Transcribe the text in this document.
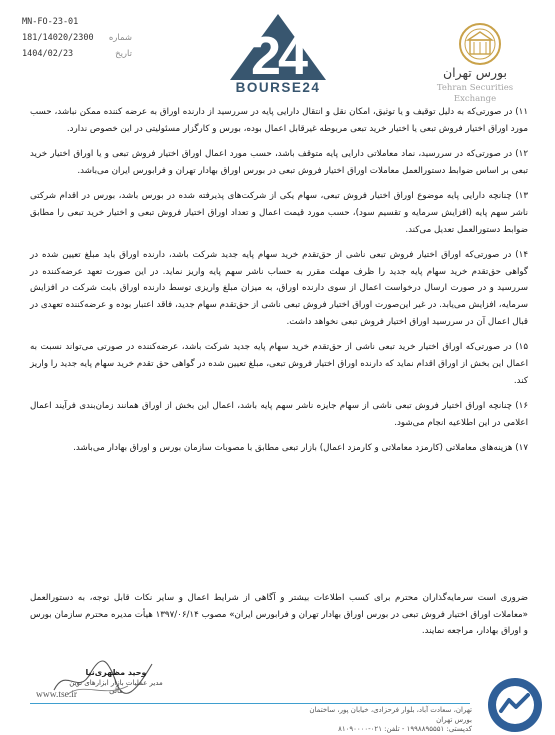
MN-FO-23-01
181/14020/2300 شماره
1404/02/23	تاریخ 24
BOURSE24
بورس تهران
Tehran Securities Exchange

۱۱) در صورتی‌که به دلیل توقیف و یا توثیق، امکان نقل و انتقال دارایی پایه در سررسید از دارنده اوراق به عرضه کننده ممکن نباشد، حسب مورد اوراق اختیار فروش تبعی یا اختیار خرید تبعی مربوطه غیرقابل اعمال بوده، بورس و کارگزار مسئولیتی در این خصوص ندارد.

۱۲) در صورتی‌که در سررسید، نماد معاملاتی دارایی پایه متوقف باشد، حسب مورد اعمال اوراق اختیار فروش تبعی و یا اوراق اختیار خرید تبعی بر اساس ضوابط دستورالعمل معاملات اوراق اختیار فروش تبعی در بورس اوراق بهادار تهران و فرابورس ایران می‌باشد.

۱۳) چنانچه دارایی پایه موضوع اوراق اختیار فروش تبعی، سهام یکی از شرکت‌های پذیرفته شده در بورس باشد، بورس در اقدام شرکتی ناشر سهم پایه (افزایش سرمایه و تقسیم سود)، حسب مورد قیمت اعمال و تعداد اوراق اختیار فروش تبعی و اختیار خرید تبعی را مطابق ضوابط دستورالعمل تعدیل می‌کند.

۱۴) در صورتی‌که اوراق اختیار فروش تبعی ناشی از حق‌تقدم خرید سهام پایه جدید شرکت باشد، دارنده اوراق باید مبلغ تعیین شده در گواهی حق‌تقدم خرید سهام پایه جدید را ظرف مهلت مقرر به حساب ناشر سهم پایه واریز نماید. در این صورت تعهد عرضه‌کننده در سررسید و در صورت ارسال درخواست اعمال از سوی دارنده اوراق، به میزان مبلغ واریزی توسط دارنده اوراق بابت شرکت در افزایش سرمایه، افزایش می‌یابد. در غیر این‌صورت اوراق اختیار فروش تبعی ناشی از حق‌تقدم سهام جدید، فاقد اعتبار بوده و عرضه‌کننده تعهدی در قبال اعمال آن در سررسید اوراق اختیار فروش تبعی نخواهد داشت.

۱۵) در صورتی‌که اوراق اختیار خرید تبعی ناشی از حق‌تقدم خرید سهام پایه جدید شرکت باشد، عرضه‌کننده در صورتی می‌تواند نسبت به اعمال این بخش از اوراق اقدام نماید که دارنده اوراق اختیار فروش تبعی، مبلغ تعیین شده در گواهی حق تقدم خرید سهام پایه جدید را واریز کند.

۱۶) چنانچه اوراق اختیار فروش تبعی ناشی از سهام جایزه ناشر سهم پایه باشد، اعمال این بخش از اوراق همانند زمان‌بندی فرآیند اعمال اعلامی در این اطلاعیه انجام می‌شود.

۱۷) هزینه‌های معاملاتی (کارمزد معاملاتی و کارمزد اعمال) بازار تبعی مطابق با مصوبات سازمان بورس و اوراق بهادار می‌باشد.

ضروری است سرمایه‌گذاران محترم برای کسب اطلاعات بیشتر و آگاهی از شرایط اعمال و سایر نکات قابل توجه، به دستورالعمل «معاملات اوراق اختیار فروش تبعی در بورس اوراق بهادار تهران و فرابورس ایران» مصوب ۱۳۹۷/۰۶/۱۴ هیأت مدیره محترم سازمان بورس و اوراق بهادار، مراجعه نمایند.

وحید مظهری‌نیا
مدیر عملیات بازار ابزارهای نوین مالی
www.tse.ir
تهران، سعادت آباد، بلوار فرحزادی، خیابان پور، ساختمان بورس تهران
کدپستی: ۱۹۹۸۸۹۵۵۵۱ - تلفن: ۰۲۱-۸۱۰۹۰۰۰۰
